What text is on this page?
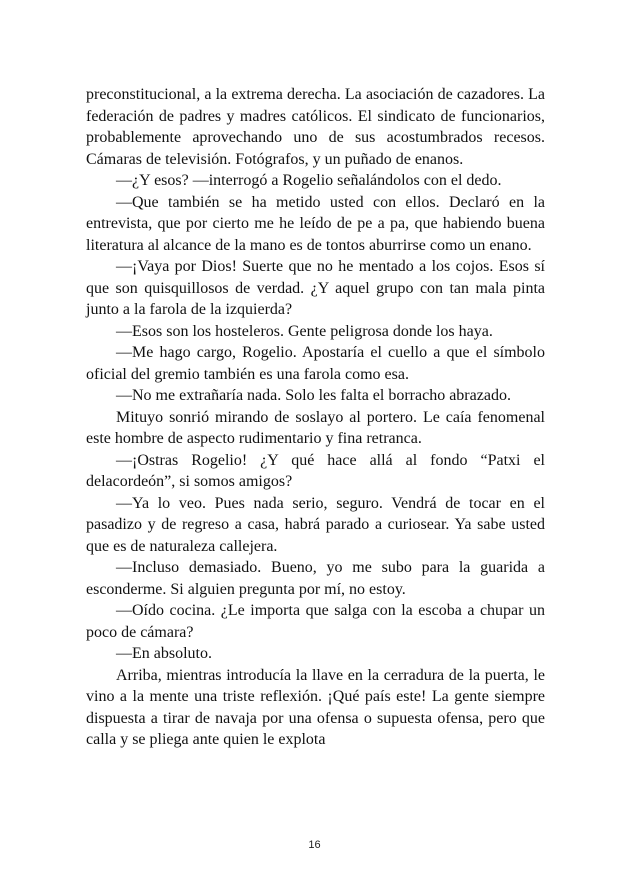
preconstitucional, a la extrema derecha. La asociación de cazadores. La federación de padres y madres católicos. El sindicato de funcionarios, probablemente aprovechando uno de sus acostumbrados recesos. Cámaras de televisión. Fotógrafos, y un puñado de enanos.

—¿Y esos? —interrogó a Rogelio señalándolos con el dedo.

—Que también se ha metido usted con ellos. Declaró en la entrevista, que por cierto me he leído de pe a pa, que habiendo buena literatura al alcance de la mano es de tontos aburrirse como un enano.

—¡Vaya por Dios! Suerte que no he mentado a los cojos. Esos sí que son quisquillosos de verdad. ¿Y aquel grupo con tan mala pinta junto a la farola de la izquierda?

—Esos son los hosteleros. Gente peligrosa donde los haya.

—Me hago cargo, Rogelio. Apostaría el cuello a que el símbolo oficial del gremio también es una farola como esa.

—No me extrañaría nada. Solo les falta el borracho abrazado.

Mituyo sonrió mirando de soslayo al portero. Le caía fenomenal este hombre de aspecto rudimentario y fina retranca.

—¡Ostras Rogelio! ¿Y qué hace allá al fondo “Patxi el delacordeón”, si somos amigos?

—Ya lo veo. Pues nada serio, seguro. Vendrá de tocar en el pasadizo y de regreso a casa, habrá parado a curiosear. Ya sabe usted que es de naturaleza callejera.

—Incluso demasiado. Bueno, yo me subo para la guarida a esconderme. Si alguien pregunta por mí, no estoy.

—Oído cocina. ¿Le importa que salga con la escoba a chupar un poco de cámara?

—En absoluto.

Arriba, mientras introducía la llave en la cerradura de la puerta, le vino a la mente una triste reflexión. ¡Qué país este! La gente siempre dispuesta a tirar de navaja por una ofensa o supuesta ofensa, pero que calla y se pliega ante quien le explota

16
